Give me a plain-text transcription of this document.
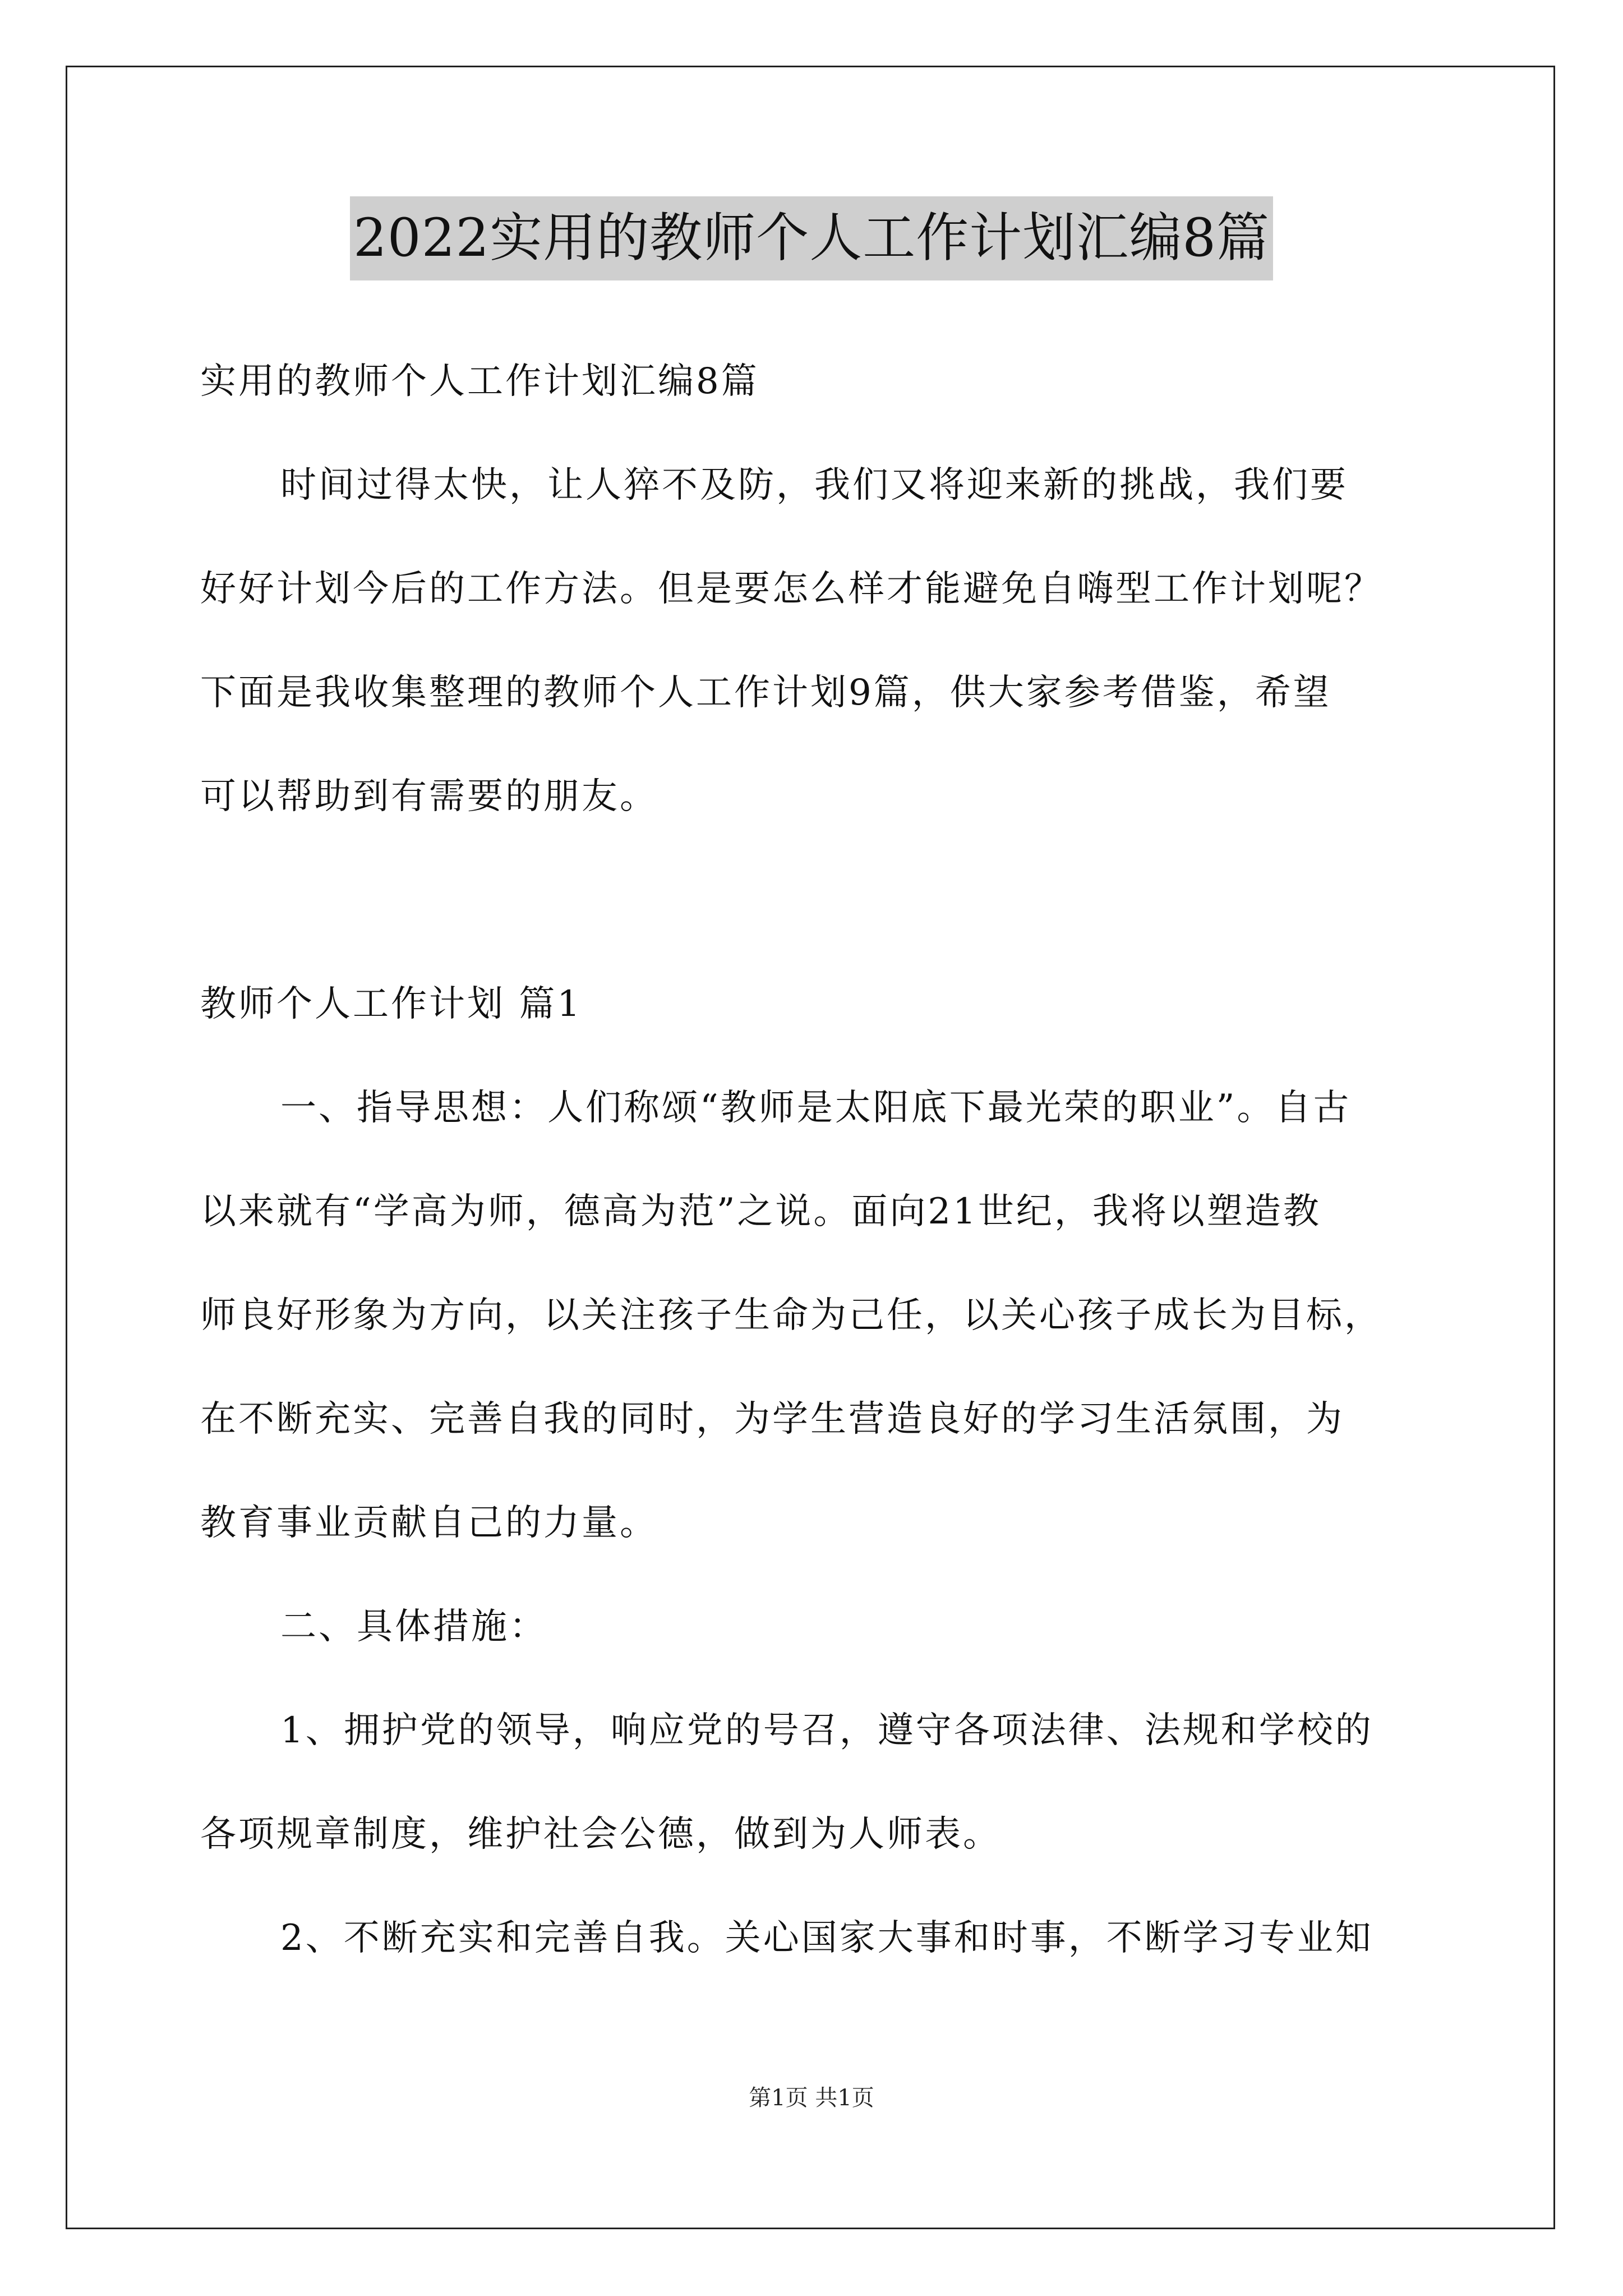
2022实用的教师个人工作计划汇编8篇
实用的教师个人工作计划汇编8篇
时间过得太快，让人猝不及防，我们又将迎来新的挑战，我们要
好好计划今后的工作方法。但是要怎么样才能避免自嗨型工作计划呢？
下面是我收集整理的教师个人工作计划9篇，供大家参考借鉴，希望
可以帮助到有需要的朋友。
教师个人工作计划 篇1
一、指导思想：人们称颂“教师是太阳底下最光荣的职业”。自古
以来就有“学高为师，德高为范”之说。面向21世纪，我将以塑造教
师良好形象为方向，以关注孩子生命为己任，以关心孩子成长为目标，
在不断充实、完善自我的同时，为学生营造良好的学习生活氛围，为
教育事业贡献自己的力量。
二、具体措施：
1、拥护党的领导，响应党的号召，遵守各项法律、法规和学校的
各项规章制度，维护社会公德，做到为人师表。
2、不断充实和完善自我。关心国家大事和时事，不断学习专业知
第1页 共1页
